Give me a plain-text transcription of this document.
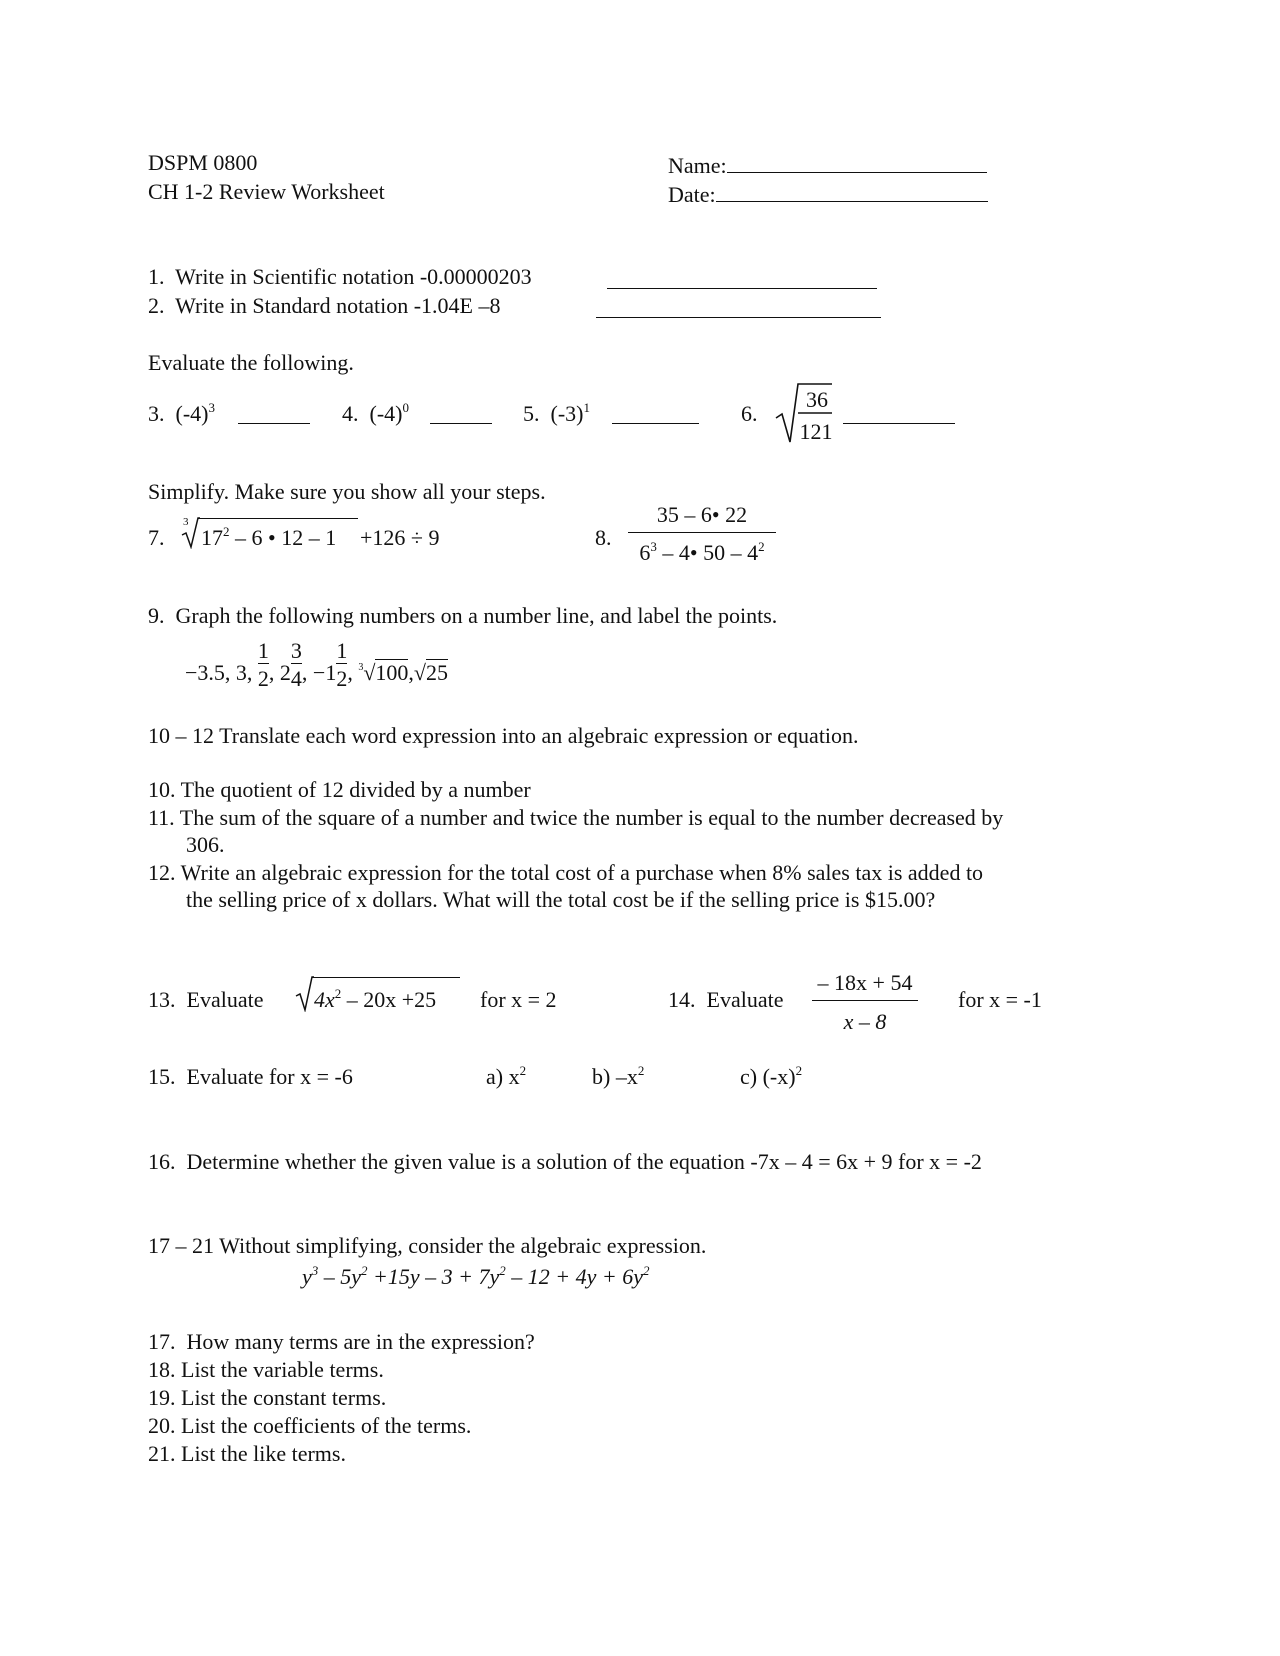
DSPM 0800
CH 1-2 Review Worksheet
Name:
Date:
1. Write in Scientific notation -0.00000203
2. Write in Standard notation -1.04E –8
Evaluate the following.
3. $(-4)^3$	4. $(-4)^0$	5. $(-3)^1$	6.
36
121
Simplify. Make sure you show all your steps.
7.
3
$17^2 - 6$ • 12 – 1 +126 ÷ 9	8.
35 – 6• 22
$6^3$ – 4• $50 - 4^2$
9. Graph the following numbers on a number line, and label the points.
−3.5, 3, $\frac{1}{2}$ , $2 \frac{3}{4}$ , $-1 \frac{1}{2}$ , $^3$√100,√25
10 – 12 Translate each word expression into an algebraic expression or equation.
10. The quotient of 12 divided by a number
11. The sum of the square of a number and twice the number is equal to the number decreased by
306.
12. Write an algebraic expression for the total cost of a purchase when 8% sales tax is added to
the selling price of x dollars. What will the total cost be if the selling price is $15.00?
13. Evaluate $4x^2 - 20x +25$ for x = 2	14. Evaluate
– 18x + 54
x – 8
for x = -1
15. Evaluate for x = -6	a) $x^2$	b) $-x^2$	c) $(-x)^2$
16. Determine whether the given value is a solution of the equation -7x – 4 = 6x + 9 for x = -2
17 – 21 Without simplifying, consider the algebraic expression.
$y^3 - 5y^2 +15y - 3 + 7y^2 - 12 + 4y + 6y^2$
17. How many terms are in the expression?
18. List the variable terms.
19. List the constant terms.
20. List the coefficients of the terms.
21. List the like terms.
